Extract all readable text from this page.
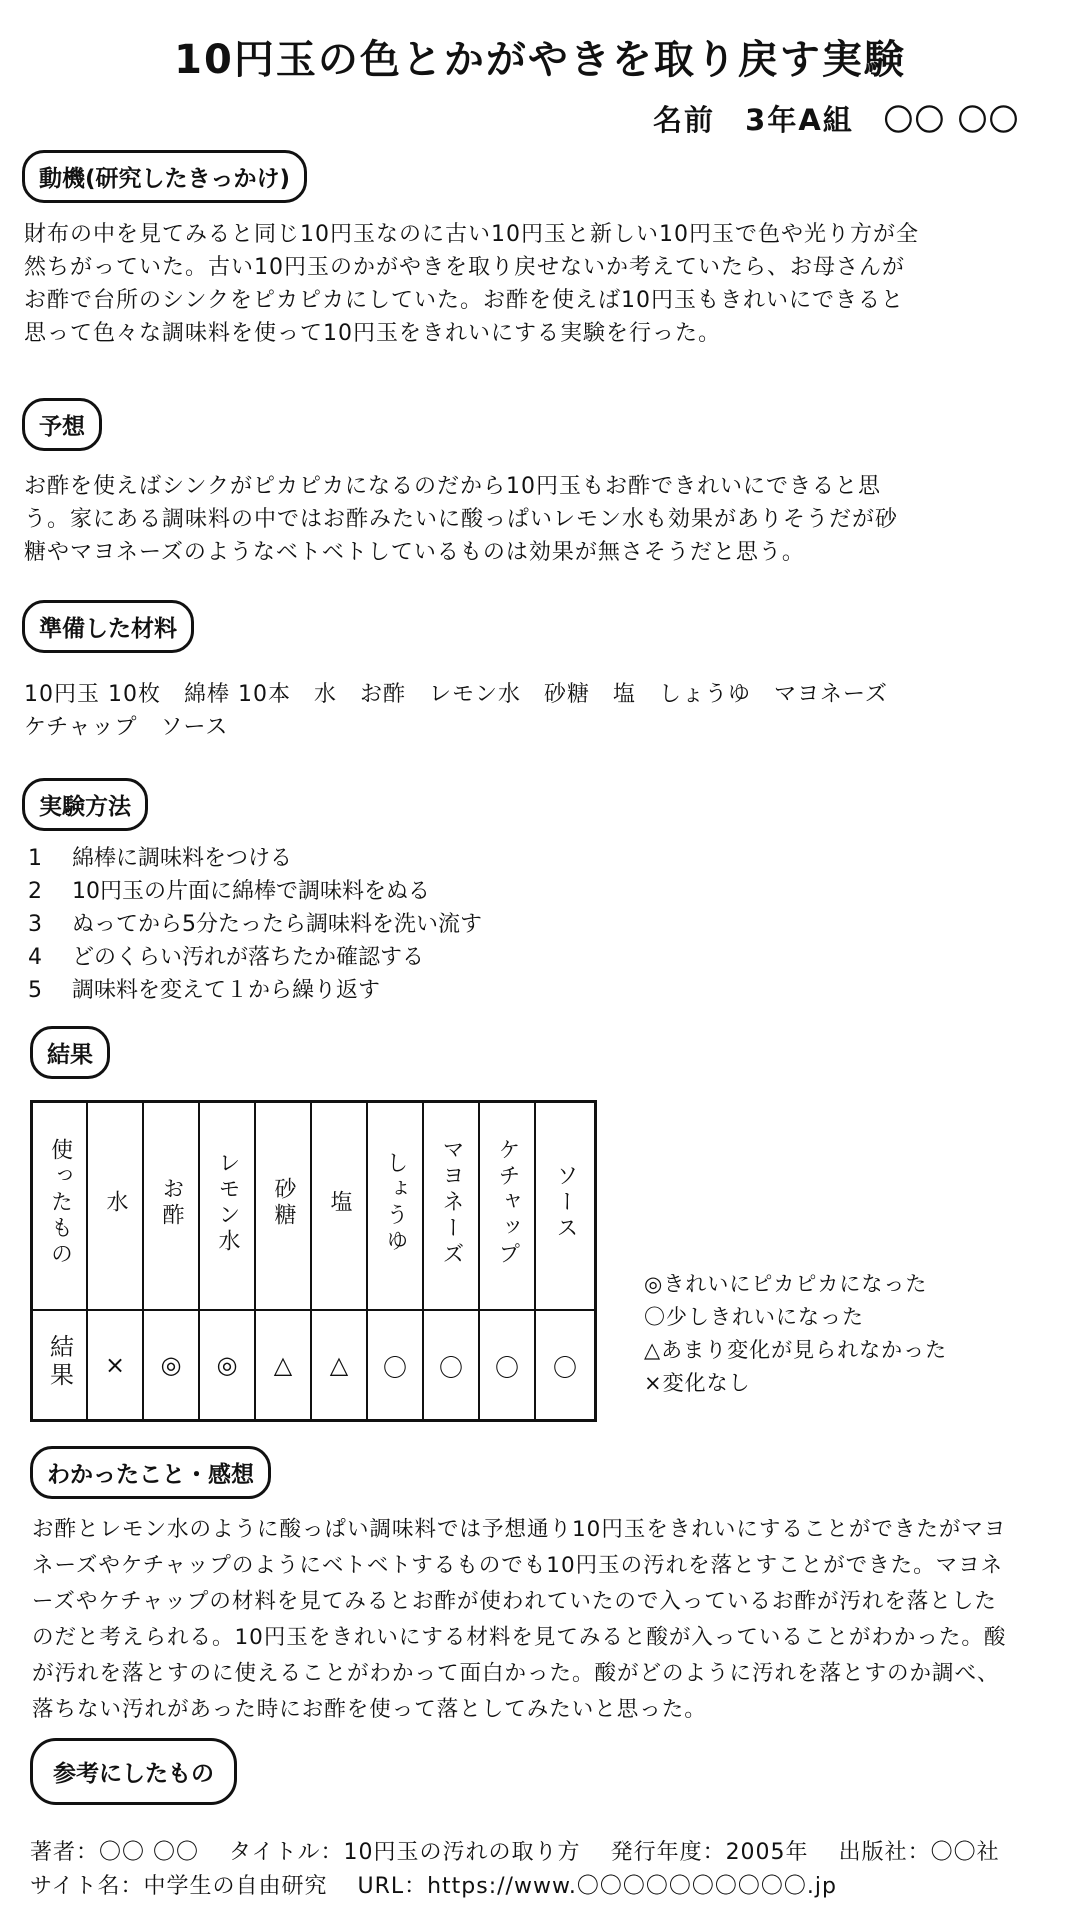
10円玉の色とかがやきを取り戻す実験
名前 3年A組 〇〇 〇〇
動機(研究したきっかけ)
財布の中を見てみると同じ10円玉なのに古い10円玉と新しい10円玉で色や光り方が全
然ちがっていた。古い10円玉のかがやきを取り戻せないか考えていたら、お母さんが
お酢で台所のシンクをピカピカにしていた。お酢を使えば10円玉もきれいにできると
思って色々な調味料を使って10円玉をきれいにする実験を行った。
予想
お酢を使えばシンクがピカピカになるのだから10円玉もお酢できれいにできると思
う。家にある調味料の中ではお酢みたいに酸っぱいレモン水も効果がありそうだが砂
糖やマヨネーズのようなベトベトしているものは効果が無さそうだと思う。
準備した材料
10円玉 10枚　綿棒 10本　水　お酢　レモン水　砂糖　塩　しょうゆ　マヨネーズ
ケチャップ　ソース
実験方法
1	綿棒に調味料をつける
2	10円玉の片面に綿棒で調味料をぬる
3	ぬってから5分たったら調味料を洗い流す
4	どのくらい汚れが落ちたか確認する
5	調味料を変えて１から繰り返す
結果
使ったもの	水	お酢	レモン水	砂糖	塩	しょうゆ	マヨネーズ	ケチャップ	ソース
結果	×	◎	◎	△	△	〇	〇	〇	〇
◎きれいにピカピカになった
〇少しきれいになった
△あまり変化が見られなかった
×変化なし
わかったこと・感想
お酢とレモン水のように酸っぱい調味料では予想通り10円玉をきれいにすることができたがマヨ
ネーズやケチャップのようにベトベトするものでも10円玉の汚れを落とすことができた。マヨネ
ーズやケチャップの材料を見てみるとお酢が使われていたので入っているお酢が汚れを落とした
のだと考えられる。10円玉をきれいにする材料を見てみると酸が入っていることがわかった。酸
が汚れを落とすのに使えることがわかって面白かった。酸がどのように汚れを落とすのか調べ、
落ちない汚れがあった時にお酢を使って落としてみたいと思った。
参考にしたもの
著者：〇〇 〇〇 タイトル：10円玉の汚れの取り方 発行年度：2005年 出版社：〇〇社
サイト名：中学生の自由研究 URL：https://www.〇〇〇〇〇〇〇〇〇〇.jp
